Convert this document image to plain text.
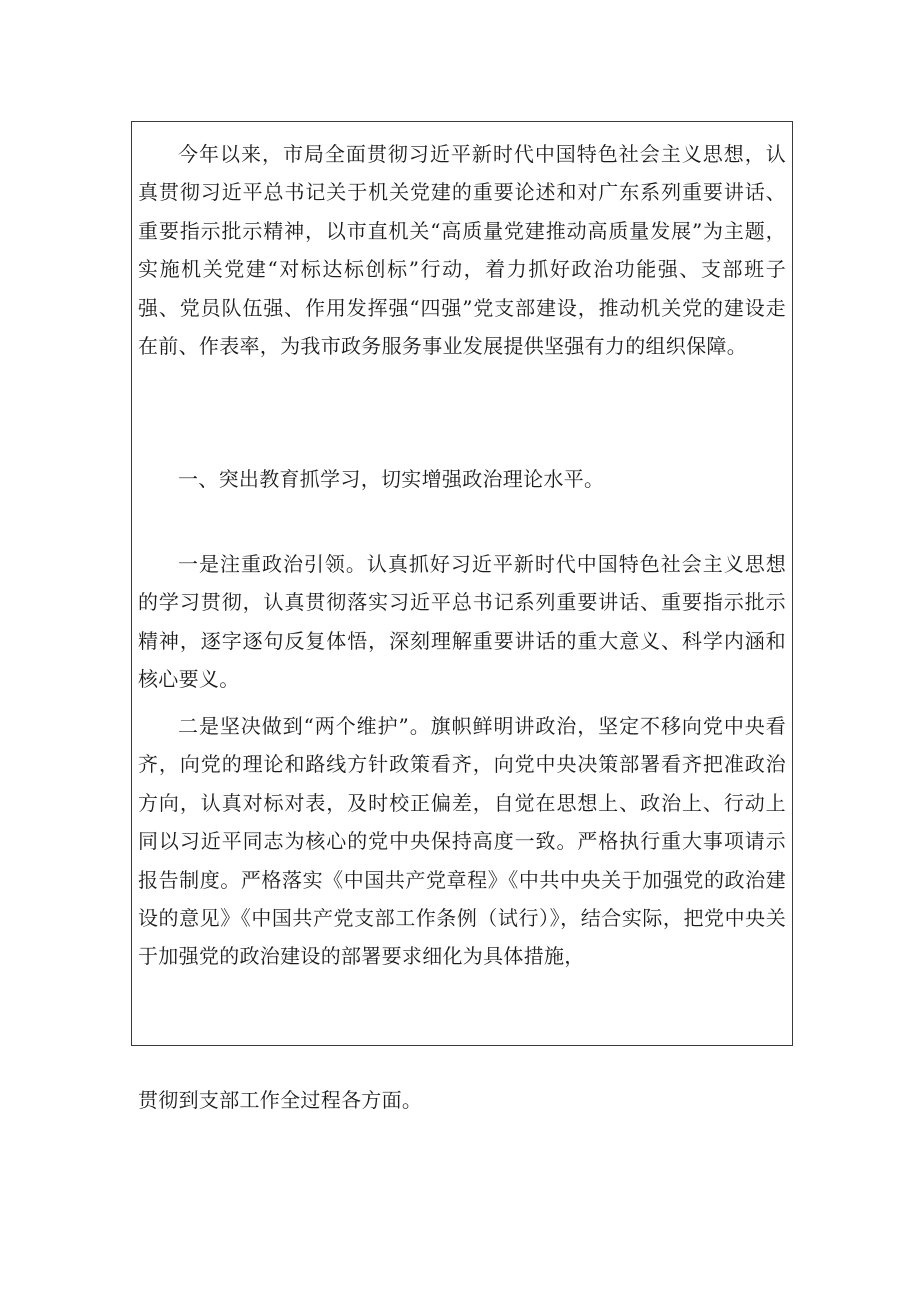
今年以来，市局全面贯彻习近平新时代中国特色社会主义思想，认真贯彻习近平总书记关于机关党建的重要论述和对广东系列重要讲话、重要指示批示精神，以市直机关“高质量党建推动高质量发展”为主题，实施机关党建“对标达标创标”行动，着力抓好政治功能强、支部班子强、党员队伍强、作用发挥强“四强”党支部建设，推动机关党的建设走在前、作表率，为我市政务服务事业发展提供坚强有力的组织保障。

一、突出教育抓学习，切实增强政治理论水平。

一是注重政治引领。认真抓好习近平新时代中国特色社会主义思想的学习贯彻，认真贯彻落实习近平总书记系列重要讲话、重要指示批示精神，逐字逐句反复体悟，深刻理解重要讲话的重大意义、科学内涵和核心要义。

二是坚决做到“两个维护”。旗帜鲜明讲政治，坚定不移向党中央看齐，向党的理论和路线方针政策看齐，向党中央决策部署看齐把准政治方向，认真对标对表，及时校正偏差，自觉在思想上、政治上、行动上同以习近平同志为核心的党中央保持高度一致。严格执行重大事项请示报告制度。严格落实《中国共产党章程》《中共中央关于加强党的政治建设的意见》《中国共产党支部工作条例（试行）》，结合实际，把党中央关于加强党的政治建设的部署要求细化为具体措施，

贯彻到支部工作全过程各方面。
